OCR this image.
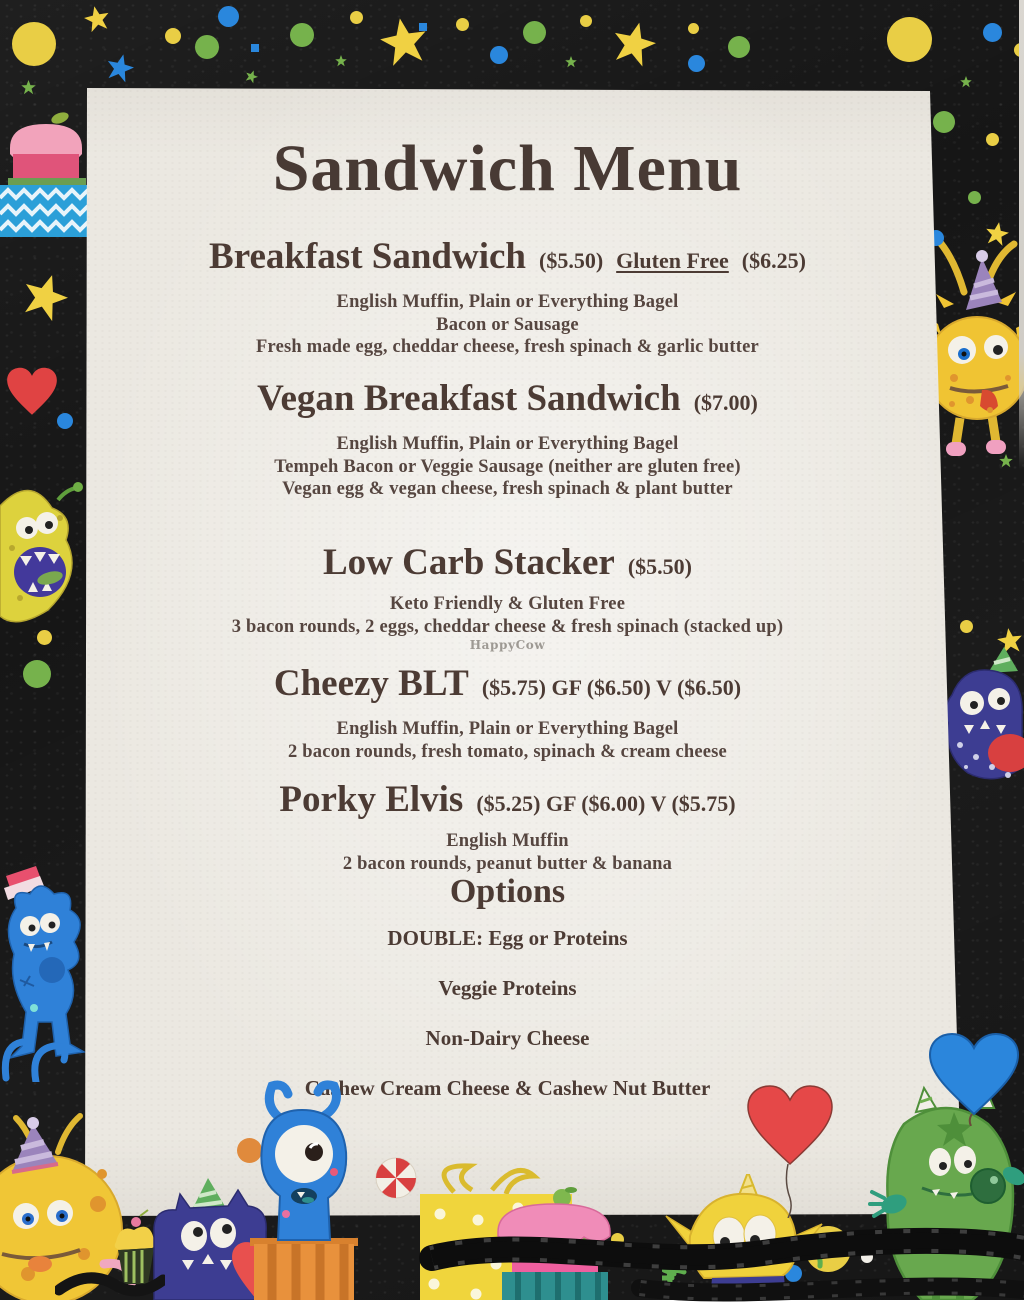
Sandwich Menu
Breakfast Sandwich ($5.50) Gluten Free ($6.25)
English Muffin, Plain or Everything Bagel
Bacon or Sausage
Fresh made egg, cheddar cheese, fresh spinach & garlic butter
Vegan Breakfast Sandwich ($7.00)
English Muffin, Plain or Everything Bagel
Tempeh Bacon or Veggie Sausage (neither are gluten free)
Vegan egg & vegan cheese, fresh spinach & plant butter
Low Carb Stacker ($5.50)
Keto Friendly & Gluten Free
3 bacon rounds, 2 eggs, cheddar cheese & fresh spinach (stacked up)
HappyCow
Cheezy BLT ($5.75) GF ($6.50) V ($6.50)
English Muffin, Plain or Everything Bagel
2 bacon rounds, fresh tomato, spinach & cream cheese
Porky Elvis ($5.25) GF ($6.00) V ($5.75)
English Muffin
2 bacon rounds, peanut butter & banana
Options
DOUBLE: Egg or Proteins
Veggie Proteins
Non-Dairy Cheese
Cashew Cream Cheese & Cashew Nut Butter
